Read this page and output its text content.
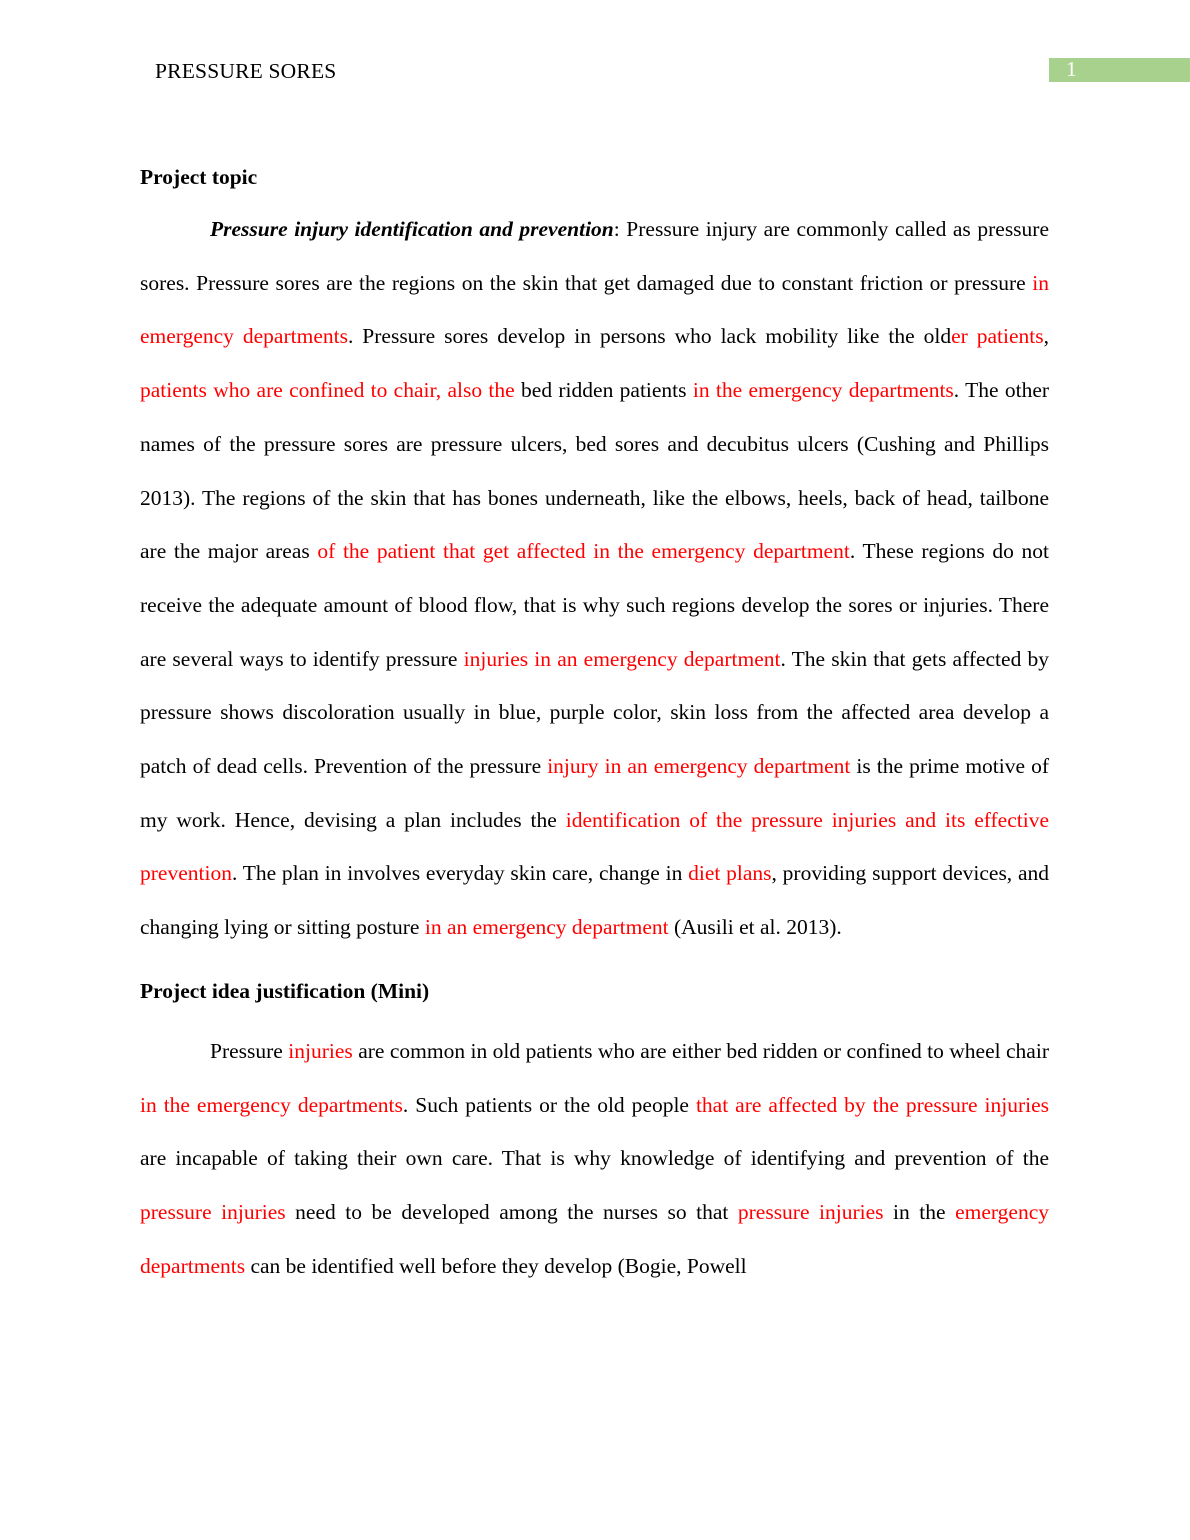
PRESSURE SORES	1
Project topic

Pressure injury identification and prevention: Pressure injury are commonly called as pressure sores. Pressure sores are the regions on the skin that get damaged due to constant friction or pressure in emergency departments. Pressure sores develop in persons who lack mobility like the older patients, patients who are confined to chair, also the bed ridden patients in the emergency departments. The other names of the pressure sores are pressure ulcers, bed sores and decubitus ulcers (Cushing and Phillips 2013). The regions of the skin that has bones underneath, like the elbows, heels, back of head, tailbone are the major areas of the patient that get affected in the emergency department. These regions do not receive the adequate amount of blood flow, that is why such regions develop the sores or injuries. There are several ways to identify pressure injuries in an emergency department. The skin that gets affected by pressure shows discoloration usually in blue, purple color, skin loss from the affected area develop a patch of dead cells. Prevention of the pressure injury in an emergency department is the prime motive of my work. Hence, devising a plan includes the identification of the pressure injuries and its effective prevention. The plan in involves everyday skin care, change in diet plans, providing support devices, and changing lying or sitting posture in an emergency department (Ausili et al. 2013).

Project idea justification (Mini)

Pressure injuries are common in old patients who are either bed ridden or confined to wheel chair in the emergency departments. Such patients or the old people that are affected by the pressure injuries are incapable of taking their own care. That is why knowledge of identifying and prevention of the pressure injuries need to be developed among the nurses so that pressure injuries in the emergency departments can be identified well before they develop (Bogie, Powell
